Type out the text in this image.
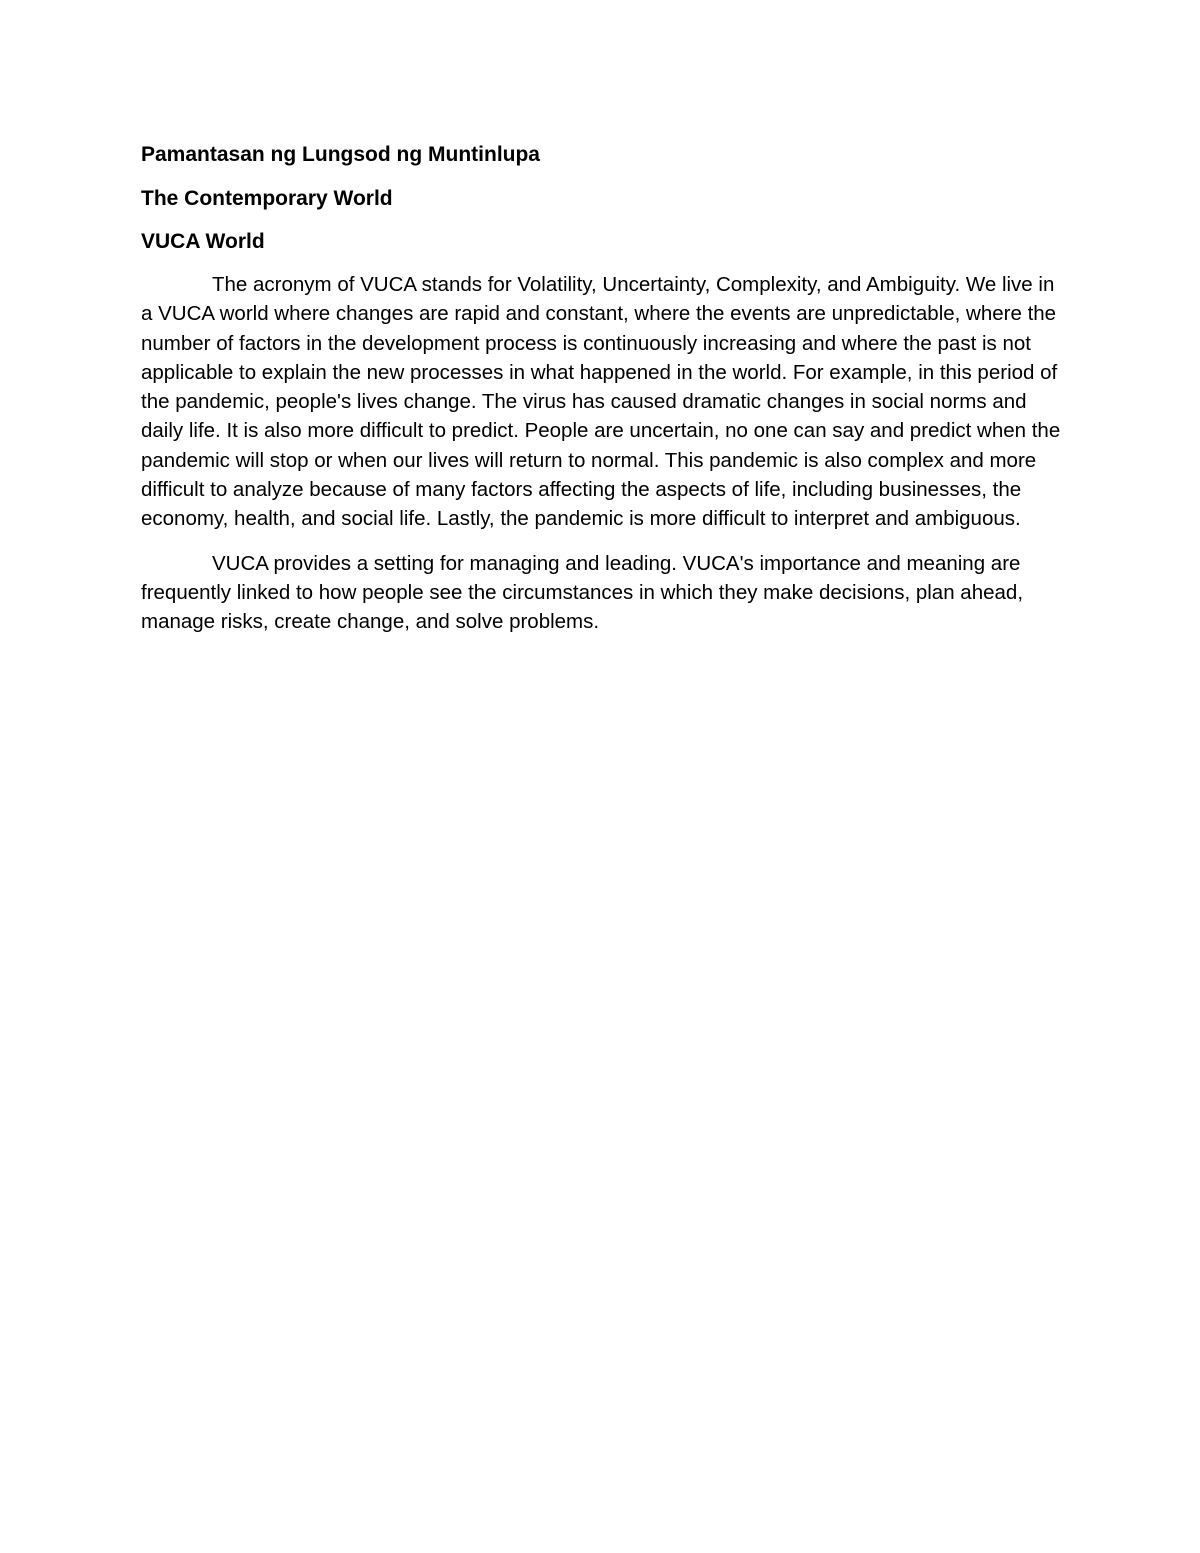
Pamantasan ng Lungsod ng Muntinlupa

The Contemporary World

VUCA World

The acronym of VUCA stands for Volatility, Uncertainty, Complexity, and Ambiguity. We live in a VUCA world where changes are rapid and constant, where the events are unpredictable, where the number of factors in the development process is continuously increasing and where the past is not applicable to explain the new processes in what happened in the world. For example, in this period of the pandemic, people's lives change. The virus has caused dramatic changes in social norms and daily life. It is also more difficult to predict. People are uncertain, no one can say and predict when the pandemic will stop or when our lives will return to normal. This pandemic is also complex and more difficult to analyze because of many factors affecting the aspects of life, including businesses, the economy, health, and social life. Lastly, the pandemic is more difficult to interpret and ambiguous.

VUCA provides a setting for managing and leading. VUCA's importance and meaning are frequently linked to how people see the circumstances in which they make decisions, plan ahead, manage risks, create change, and solve problems.
